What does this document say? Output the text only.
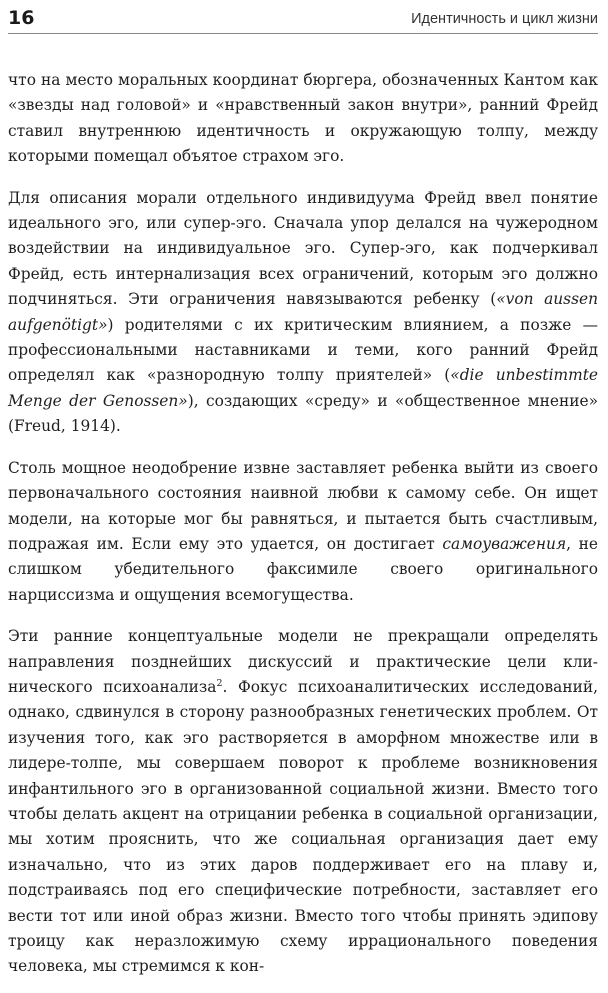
16	Идентичность и цикл жизни

что на место моральных координат бюргера, обозначенных Кантом как «звезды над головой» и «нравственный закон внутри», ранний Фрейд ставил внутреннюю идентичность и окружающую толпу, между которыми помещал объятое страхом эго.

Для описания морали отдельного индивидуума Фрейд ввел понятие идеального эго, или супер-эго. Сначала упор делался на чужеродном воздействии на индивидуальное эго. Супер-эго, как подчеркивал Фрейд, есть интернализация всех ограничений, которым эго должно подчиняться. Эти ограничения навязываются ребенку («von aussen aufgenötigt») родителями с их критическим влиянием, а позже — профессиональными наставниками и теми, кого ранний Фрейд определял как «разнородную толпу приятелей» («die unbestimmte Menge der Genossen»), создающих «среду» и «общественное мнение» (Freud, 1914).

Столь мощное неодобрение извне заставляет ребенка выйти из своего первоначального состояния наивной любви к самому себе. Он ищет модели, на которые мог бы равняться, и пытается быть счастливым, подражая им. Если ему это удается, он достигает самоуважения, не слишком убедительного факсимиле своего оригинального нарциссизма и ощущения всемогущества.

Эти ранние концептуальные модели не прекращали определять направления позднейших дискуссий и практические цели клинического психоанализа$^2$. Фокус психоаналитических исследований, однако, сдвинулся в сторону разнообразных генетических проблем. От изучения того, как эго растворяется в аморфном множестве или в лидере-толпе, мы совершаем поворот к проблеме возникновения инфантильного эго в организованной социальной жизни. Вместо того чтобы делать акцент на отрицании ребенка в социальной организации, мы хотим прояснить, что же социальная организация дает ему изначально, что из этих даров поддерживает его на плаву и, подстраиваясь под его специфические потребности, заставляет его вести тот или иной образ жизни. Вместо того чтобы принять эдипову троицу как неразложимую схему иррационального поведения человека, мы стремимся к кон-
